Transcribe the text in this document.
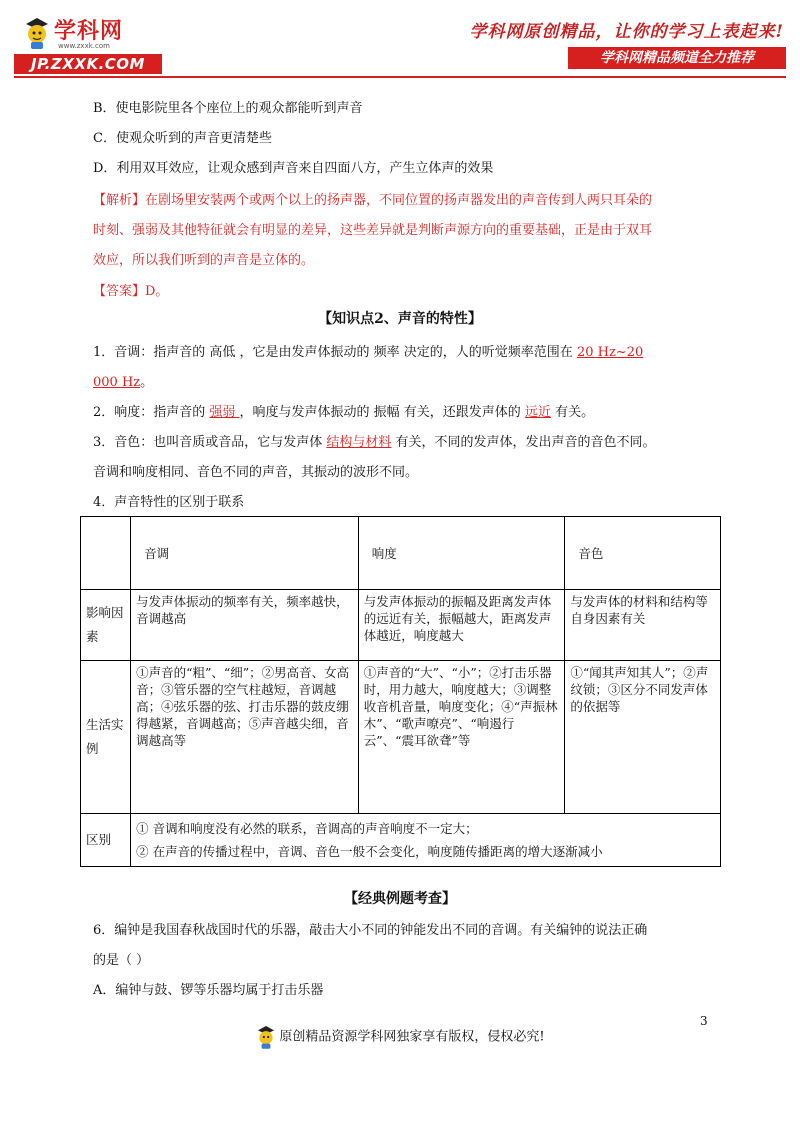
学科网
www.zxxk.com
JP.ZXXK.COM
学科网原创精品，让你的学习上表起来!
学科网精品频道全力推荐
B．使电影院里各个座位上的观众都能听到声音
C．使观众听到的声音更清楚些
D．利用双耳效应，让观众感到声音来自四面八方，产生立体声的效果
【解析】在剧场里安装两个或两个以上的扬声器，不同位置的扬声器发出的声音传到人两只耳朵的
时刻、强弱及其他特征就会有明显的差异，这些差异就是判断声源方向的重要基础，正是由于双耳
效应，所以我们听到的声音是立体的。
【答案】D。
【知识点2、声音的特性】
1．音调：指声音的 高低 ，它是由发声体振动的 频率 决定的，人的听觉频率范围在 20 Hz~20
000 Hz。
2．响度：指声音的 强弱 ，响度与发声体振动的 振幅 有关，还跟发声体的 远近 有关。
3．音色：也叫音质或音品，它与发声体 结构与材料 有关，不同的发声体，发出声音的音色不同。
音调和响度相同、音色不同的声音，其振动的波形不同。
4．声音特性的区别于联系
	音调	响度	音色
影响因素	与发声体振动的频率有关，频率越快，音调越高	与发声体振动的振幅及距离发声体的远近有关，振幅越大，距离发声体越近，响度越大	与发声体的材料和结构等自身因素有关
生活实例	①声音的“粗”、“细”；②男高音、女高音；③管乐器的空气柱越短，音调越高；④弦乐器的弦、打击乐器的鼓皮绷得越紧，音调越高；⑤声音越尖细，音调越高等	①声音的“大”、“小”；②打击乐器时，用力越大，响度越大；③调整收音机音量，响度变化；④“声振林木”、“歌声嘹亮”、“响遏行云”、“震耳欲聋”等	①“闻其声知其人”；②声纹锁；③区分不同发声体的依据等
区别	① 音调和响度没有必然的联系，音调高的声音响度不一定大；
② 在声音的传播过程中，音调、音色一般不会变化，响度随传播距离的增大逐渐减小		
【经典例题考查】
6．编钟是我国春秋战国时代的乐器，敲击大小不同的钟能发出不同的音调。有关编钟的说法正确
的是（ ）
A．编钟与鼓、锣等乐器均属于打击乐器
3
原创精品资源学科网独家享有版权，侵权必究!
